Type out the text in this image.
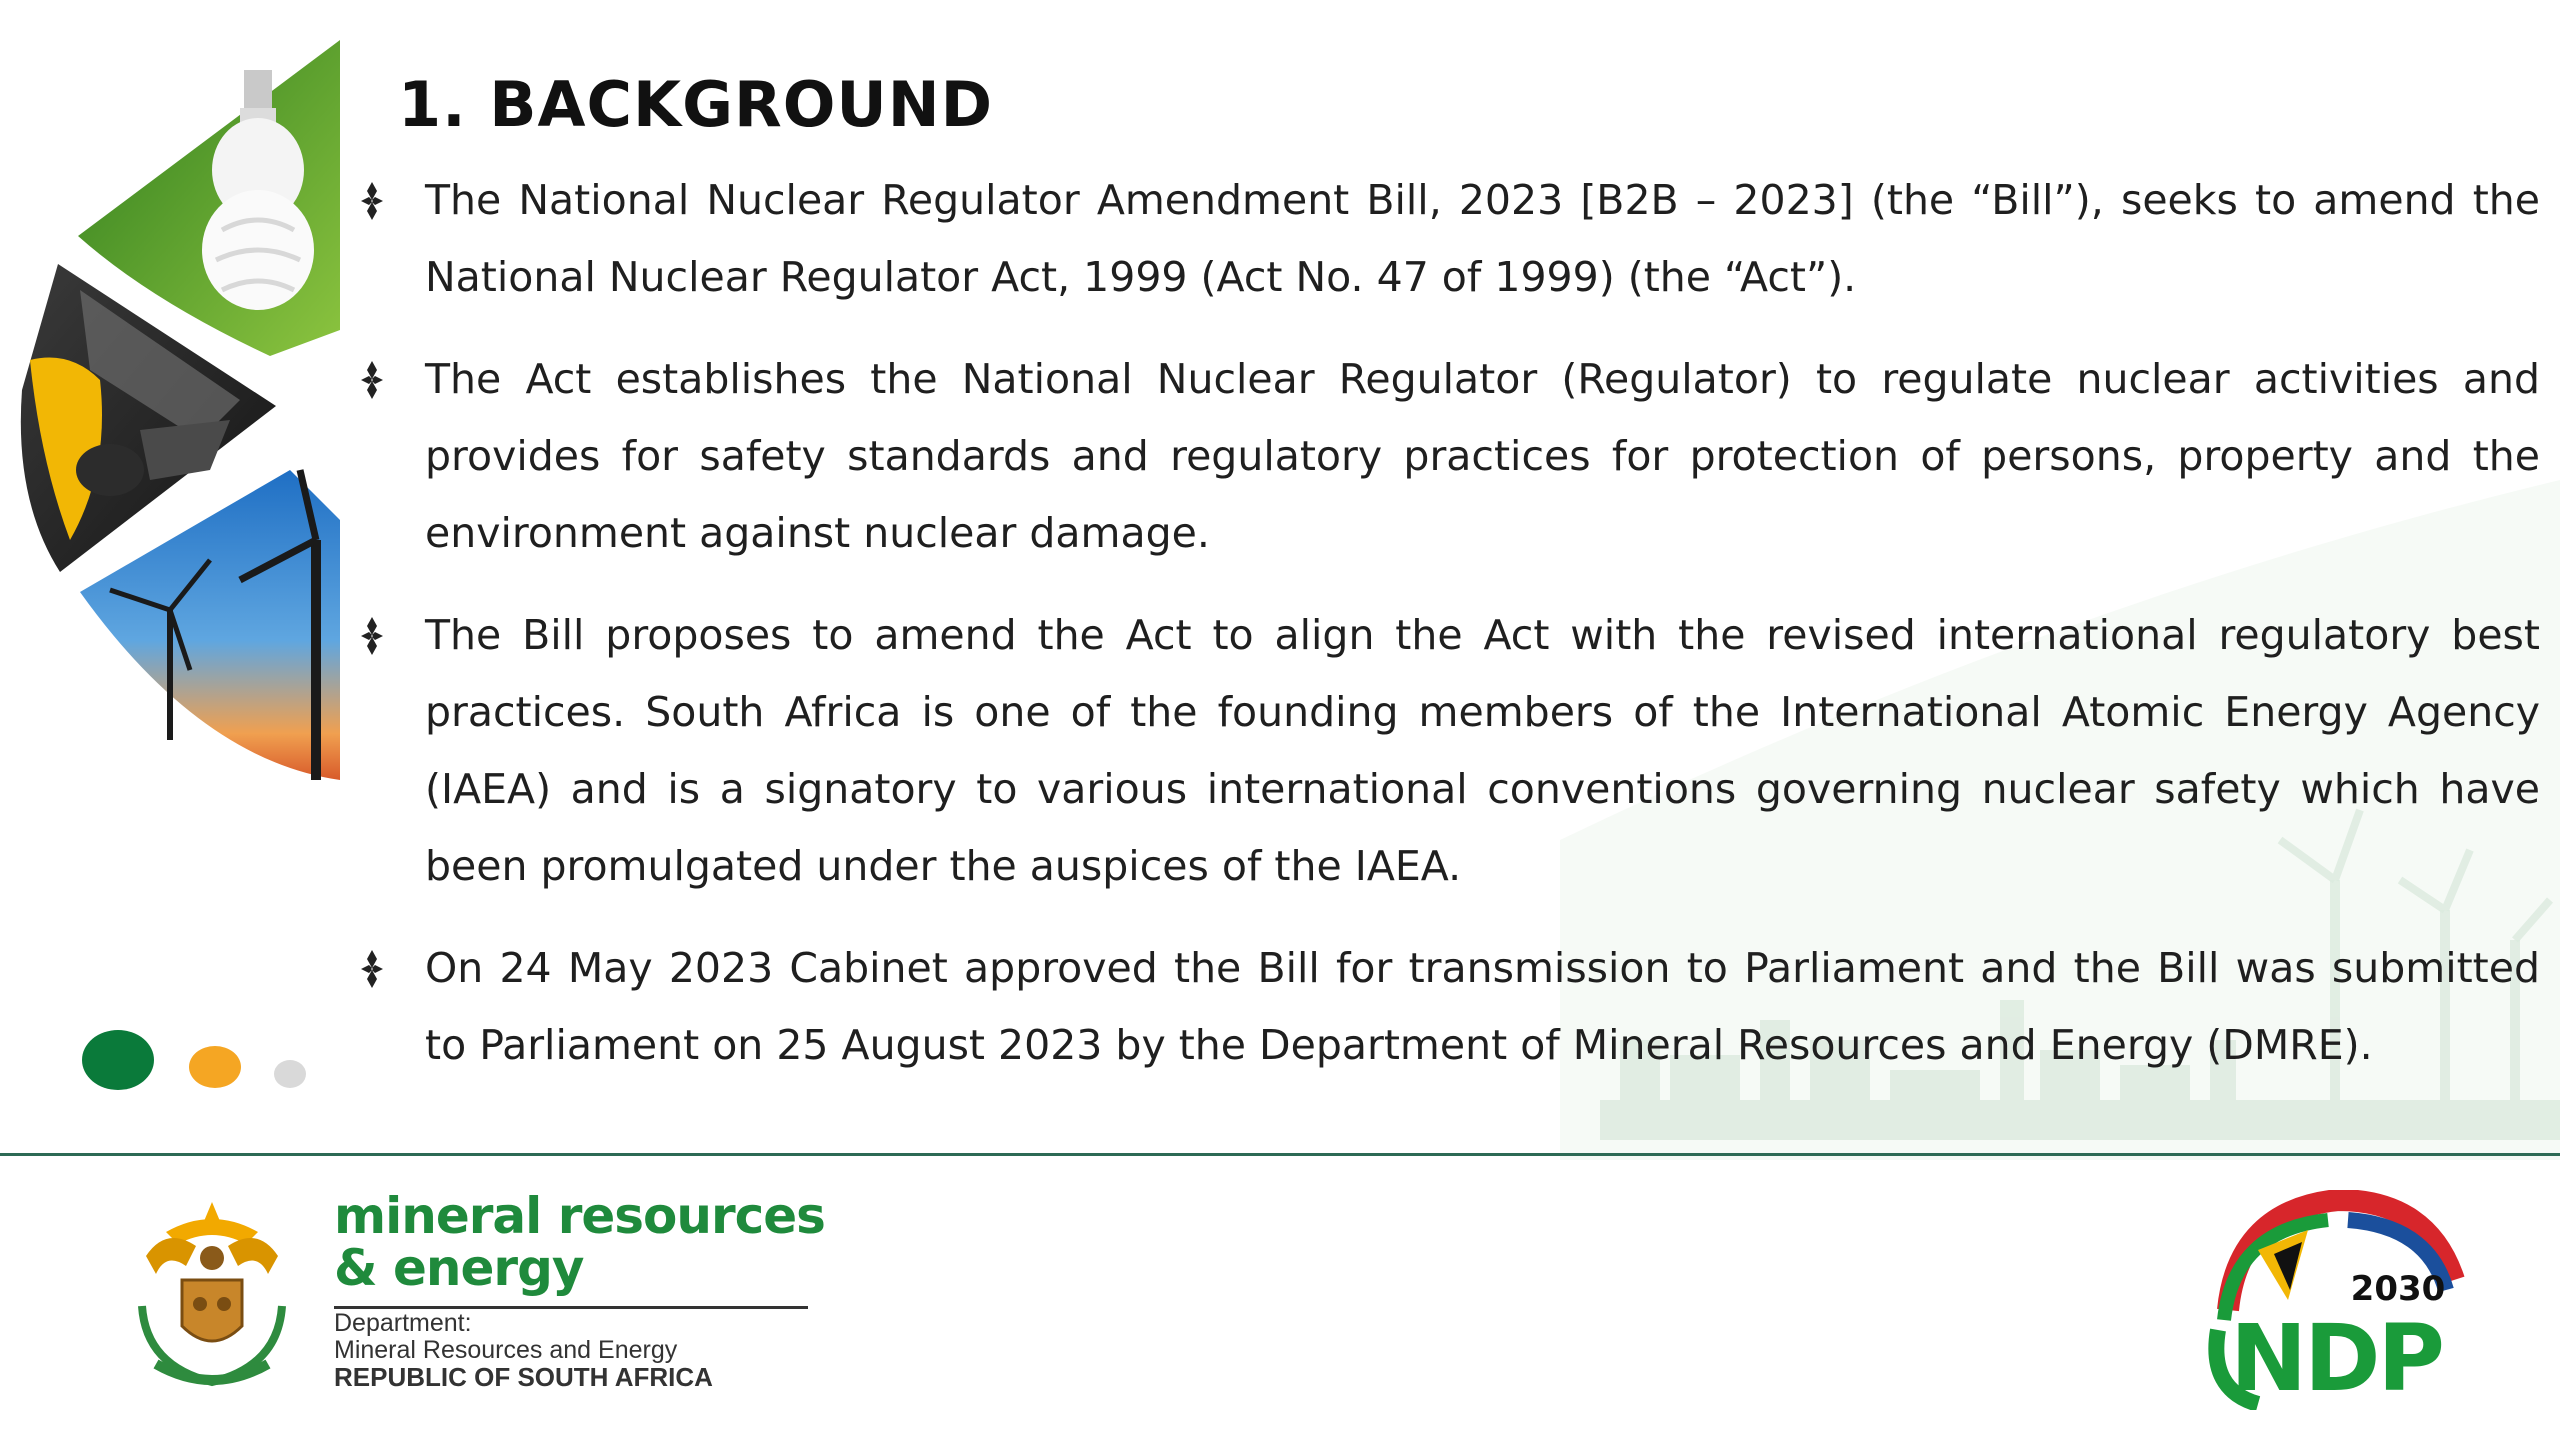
1. BACKGROUND
The National Nuclear Regulator Amendment Bill, 2023 [B2B – 2023] (the “Bill”), seeks to amend the National Nuclear Regulator Act, 1999 (Act No. 47 of 1999) (the “Act”).
The Act establishes the National Nuclear Regulator (Regulator) to regulate nuclear activities and provides for safety standards and regulatory practices for protection of persons, property and the environment against nuclear damage.
The Bill proposes to amend the Act to align the Act with the revised international regulatory best practices. South Africa is one of the founding members of the International Atomic Energy Agency (IAEA) and is a signatory to various international conventions governing nuclear safety which have been promulgated under the auspices of the IAEA.
On 24 May 2023 Cabinet approved the Bill for transmission to Parliament and the Bill was submitted to Parliament on 25 August 2023 by the Department of Mineral Resources and Energy (DMRE).
mineral resources
& energy
Department:
Mineral Resources and Energy
REPUBLIC OF SOUTH AFRICA
2030
NDP
